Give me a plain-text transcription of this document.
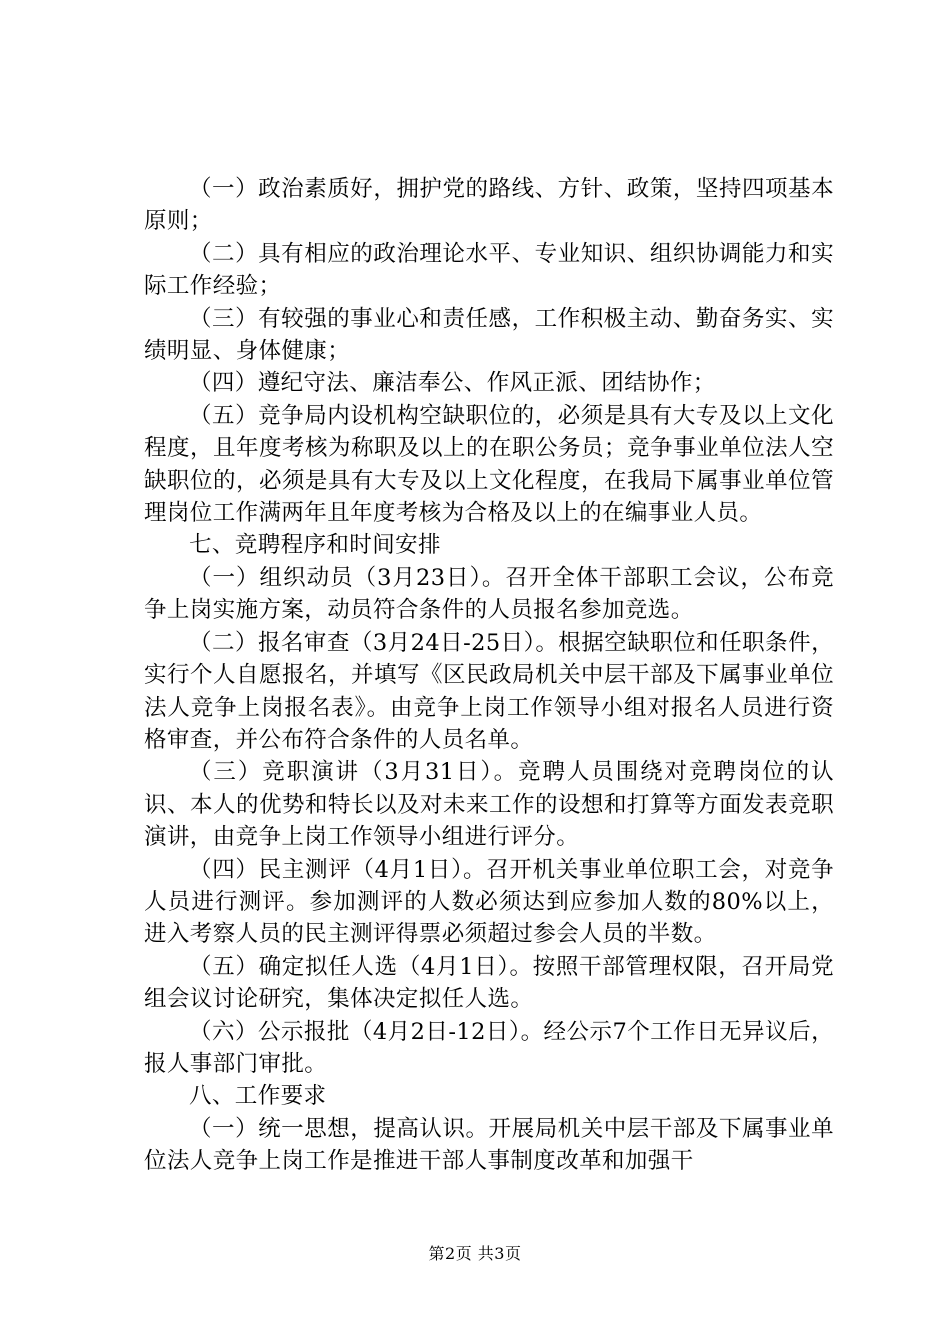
（一）政治素质好，拥护党的路线、方针、政策，坚持四项基本原则；

（二）具有相应的政治理论水平、专业知识、组织协调能力和实际工作经验；

（三）有较强的事业心和责任感，工作积极主动、勤奋务实、实绩明显、身体健康；

（四）遵纪守法、廉洁奉公、作风正派、团结协作；

（五）竞争局内设机构空缺职位的，必须是具有大专及以上文化程度，且年度考核为称职及以上的在职公务员；竞争事业单位法人空缺职位的，必须是具有大专及以上文化程度，在我局下属事业单位管理岗位工作满两年且年度考核为合格及以上的在编事业人员。

七、竞聘程序和时间安排

（一）组织动员（3月23日）。召开全体干部职工会议，公布竞争上岗实施方案，动员符合条件的人员报名参加竞选。

（二）报名审查（3月24日-25日）。根据空缺职位和任职条件，实行个人自愿报名，并填写《区民政局机关中层干部及下属事业单位法人竞争上岗报名表》。由竞争上岗工作领导小组对报名人员进行资格审查，并公布符合条件的人员名单。

（三）竞职演讲（3月31日）。竞聘人员围绕对竞聘岗位的认识、本人的优势和特长以及对未来工作的设想和打算等方面发表竞职演讲，由竞争上岗工作领导小组进行评分。

（四）民主测评（4月1日）。召开机关事业单位职工会，对竞争人员进行测评。参加测评的人数必须达到应参加人数的80%以上，进入考察人员的民主测评得票必须超过参会人员的半数。

（五）确定拟任人选（4月1日）。按照干部管理权限，召开局党组会议讨论研究，集体决定拟任人选。

（六）公示报批（4月2日-12日）。经公示7个工作日无异议后，报人事部门审批。

八、工作要求

（一）统一思想，提高认识。开展局机关中层干部及下属事业单位法人竞争上岗工作是推进干部人事制度改革和加强干

第2页 共3页
